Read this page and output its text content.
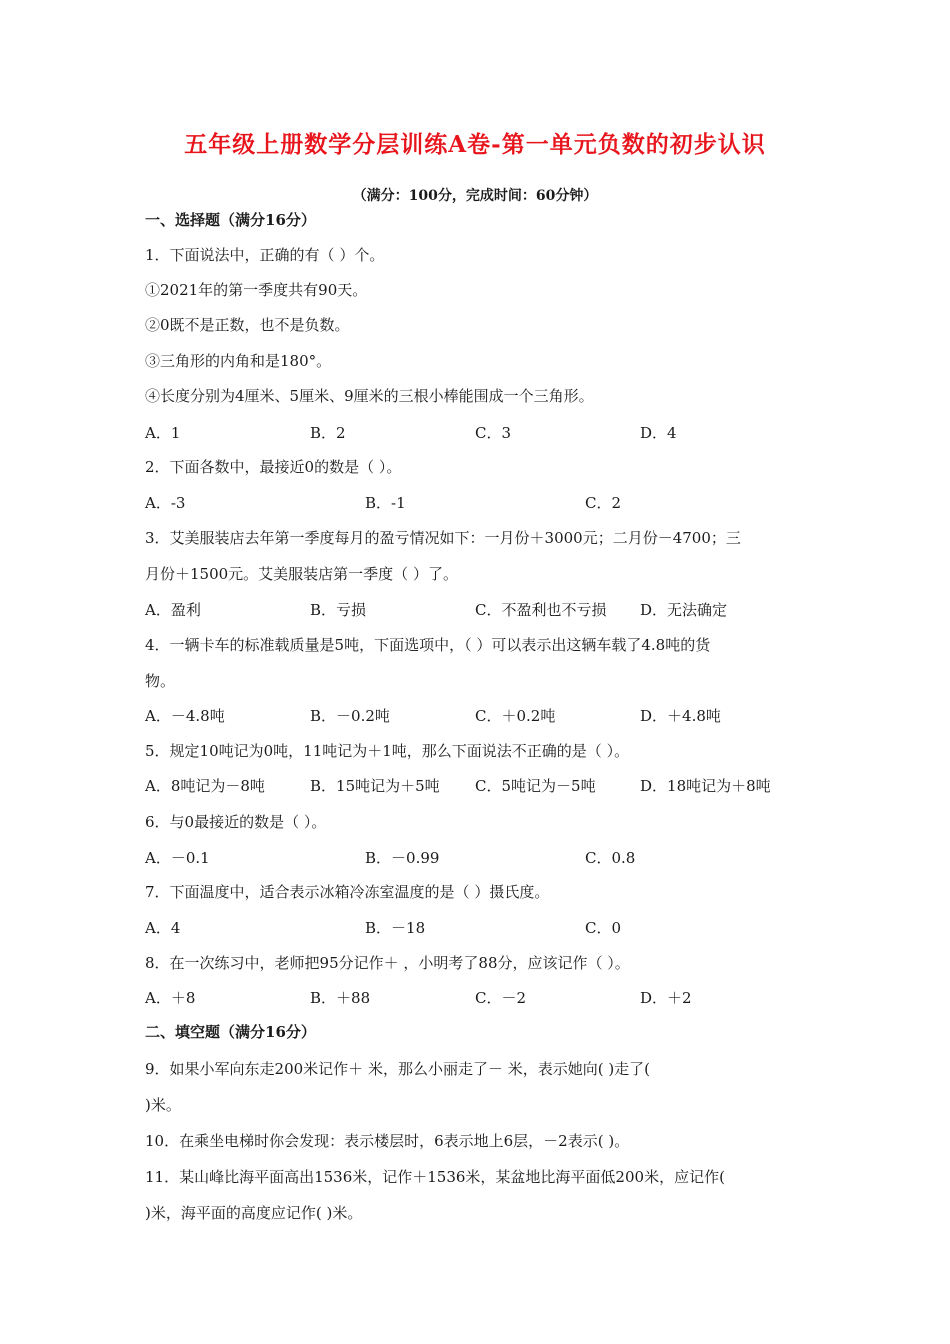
五年级上册数学分层训练A卷-第一单元负数的初步认识
（满分：100分，完成时间：60分钟）
一、选择题（满分16分）
1．下面说法中，正确的有（ ）个。
①2021年的第一季度共有90天。
②0既不是正数，也不是负数。
③三角形的内角和是180°。
④长度分别为4厘米、5厘米、9厘米的三根小棒能围成一个三角形。
A．1	B．2	C．3	D．4
2．下面各数中，最接近0的数是（ ）。
A．-3	B．-1	C．2
3．艾美服装店去年第一季度每月的盈亏情况如下：一月份＋3000元；二月份－4700；三
月份＋1500元。艾美服装店第一季度（ ）了。
A．盈利	B．亏损	C．不盈利也不亏损 D．无法确定
4．一辆卡车的标准载质量是5吨，下面选项中，（ ）可以表示出这辆车载了4.8吨的货
物。
A．－4.8吨	B．－0.2吨	C．＋0.2吨	D．＋4.8吨
5．规定10吨记为0吨，11吨记为＋1吨，那么下面说法不正确的是（ ）。
A．8吨记为－8吨	B．15吨记为＋5吨 C．5吨记为－5吨	D．18吨记为＋8吨
6．与0最接近的数是（ ）。
A．－0.1	B．－0.99	C．0.8
7．下面温度中，适合表示冰箱冷冻室温度的是（ ）摄氏度。
A．4	B．－18	C．0
8．在一次练习中，老师把95分记作＋ ，小明考了88分，应该记作（ ）。
A．＋8	B．＋88	C．－2	D．＋2
二、填空题（满分16分）
9．如果小军向东走200米记作＋ 米，那么小丽走了－ 米，表示她向( )走了(
)米。
10．在乘坐电梯时你会发现：表示楼层时，6表示地上6层，－2表示( )。
11．某山峰比海平面高出1536米，记作＋1536米，某盆地比海平面低200米，应记作(
)米，海平面的高度应记作( )米。
